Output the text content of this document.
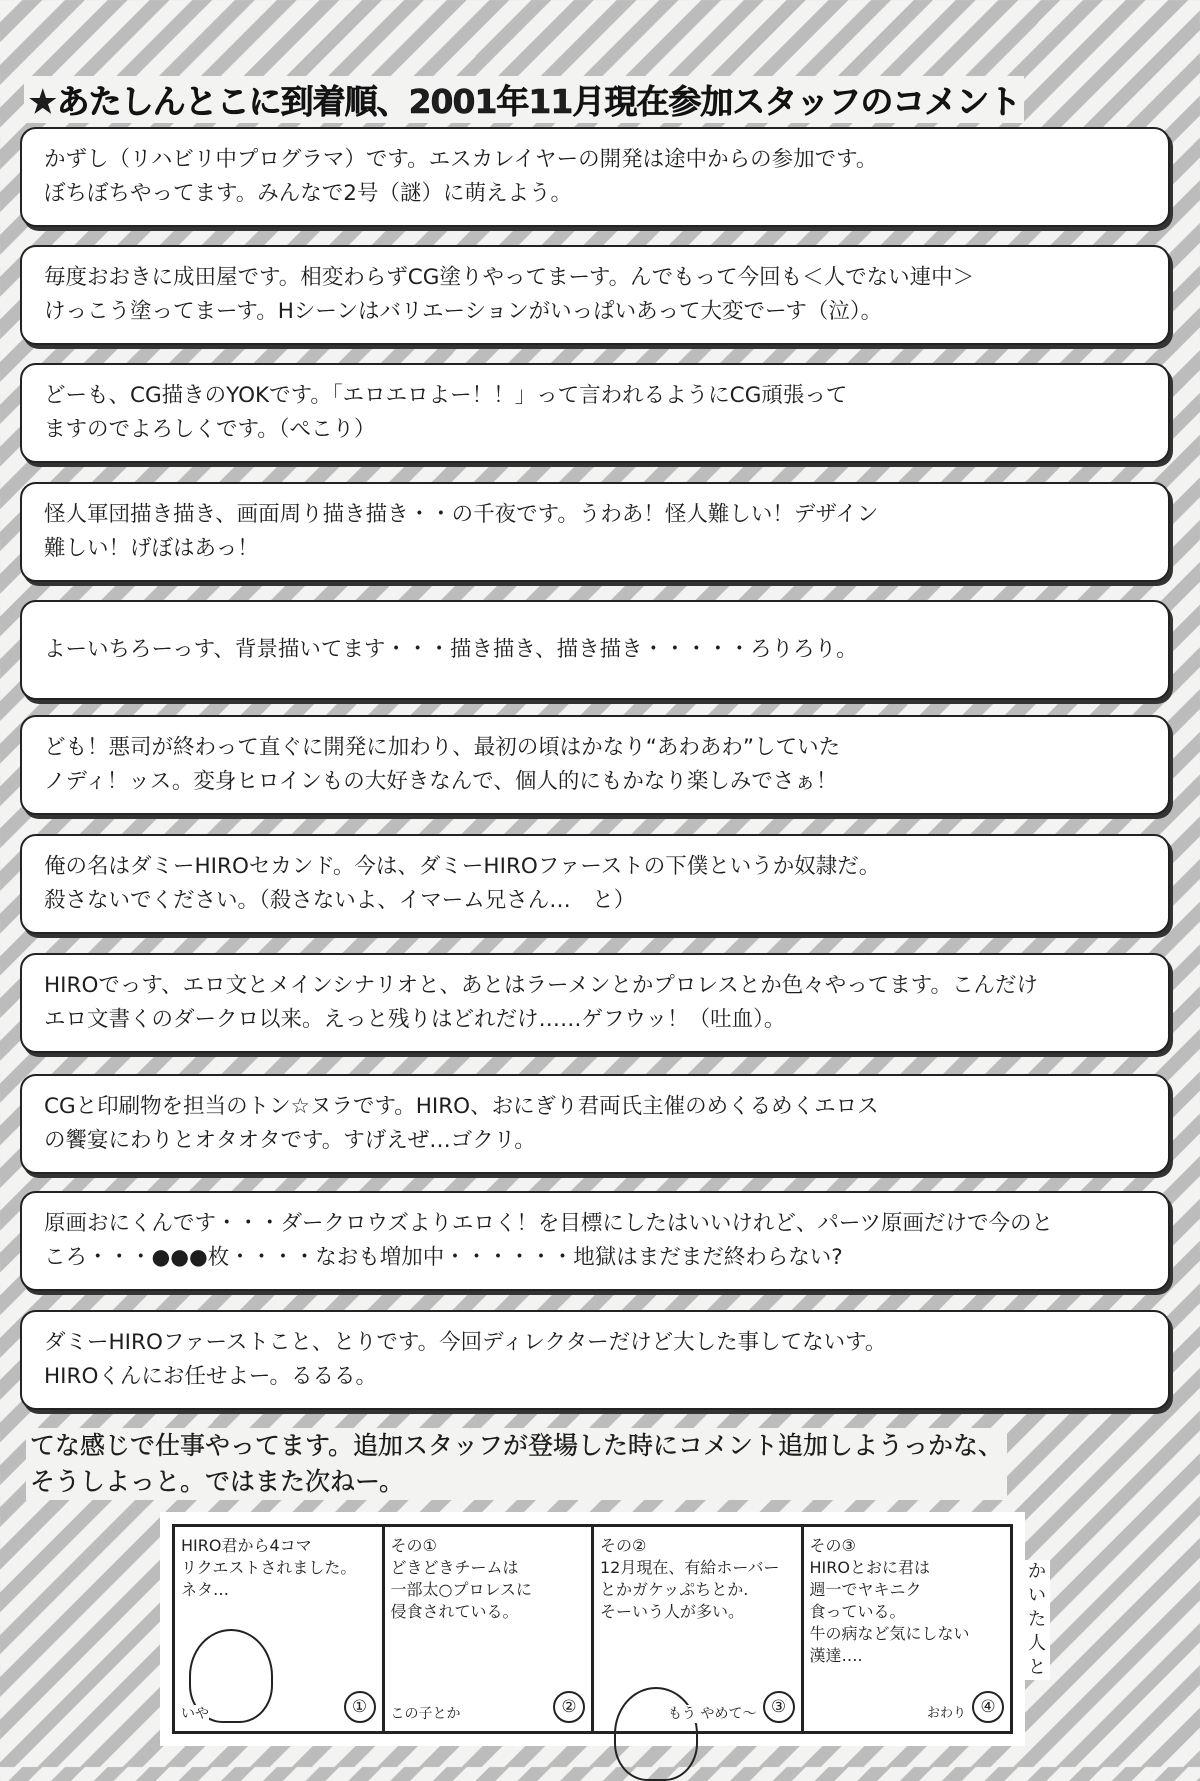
★あたしんとこに到着順、2001年11月現在参加スタッフのコメント
かずし（リハビリ中プログラマ）です。エスカレイヤーの開発は途中からの参加です。
ぼちぼちやってます。みんなで2号（謎）に萌えよう。
毎度おおきに成田屋です。相変わらずCG塗りやってまーす。んでもって今回も＜人でない連中＞
けっこう塗ってまーす。Hシーンはバリエーションがいっぱいあって大変でーす（泣）。
どーも、CG描きのYOKです。「エロエロよー！！」って言われるようにCG頑張って
ますのでよろしくです。（ぺこり）
怪人軍団描き描き、画面周り描き描き・・の千夜です。うわあ！怪人難しい！デザイン
難しい！げぼはあっ！
よーいちろーっす、背景描いてます・・・描き描き、描き描き・・・・・ろりろり。
ども！悪司が終わって直ぐに開発に加わり、最初の頃はかなり“あわあわ”していた
ノディ！ッス。変身ヒロインもの大好きなんで、個人的にもかなり楽しみでさぁ！
俺の名はダミーHIROセカンド。今は、ダミーHIROファーストの下僕というか奴隷だ。
殺さないでください。（殺さないよ、イマーム兄さん…　と）
HIROでっす、エロ文とメインシナリオと、あとはラーメンとかプロレスとか色々やってます。こんだけ
エロ文書くのダークロ以来。えっと残りはどれだけ……ゲフウッ！（吐血）。
CGと印刷物を担当のトン☆ヌラです。HIRO、おにぎり君両氏主催のめくるめくエロス
の饗宴にわりとオタオタです。すげえぜ…ゴクリ。
原画おにくんです・・・ダークロウズよりエロく！を目標にしたはいいけれど、パーツ原画だけで今のと
ころ・・・●●●枚・・・・なおも増加中・・・・・・地獄はまだまだ終わらない?
ダミーHIROファーストこと、とりです。今回ディレクターだけど大した事してないす。
HIROくんにお任せよー。るるる。
てな感じで仕事やってます。追加スタッフが登場した時にコメント追加しようっかな、
そうしよっと。ではまた次ねー。
HIRO君から4コマ
リクエストされました。
ネタ…
いや	①
その①
どきどきチームは
一部太○プロレスに
侵食されている。
この子とか	②
その②
12月現在、有給ホーバー
とかガケッぷちとか.
そーいう人が多い。
もう やめて〜 ③
その③
HIROとおに君は
週一でヤキニク
食っている。
牛の病など気にしない
漢達….
おわり ④
かいた人 と
